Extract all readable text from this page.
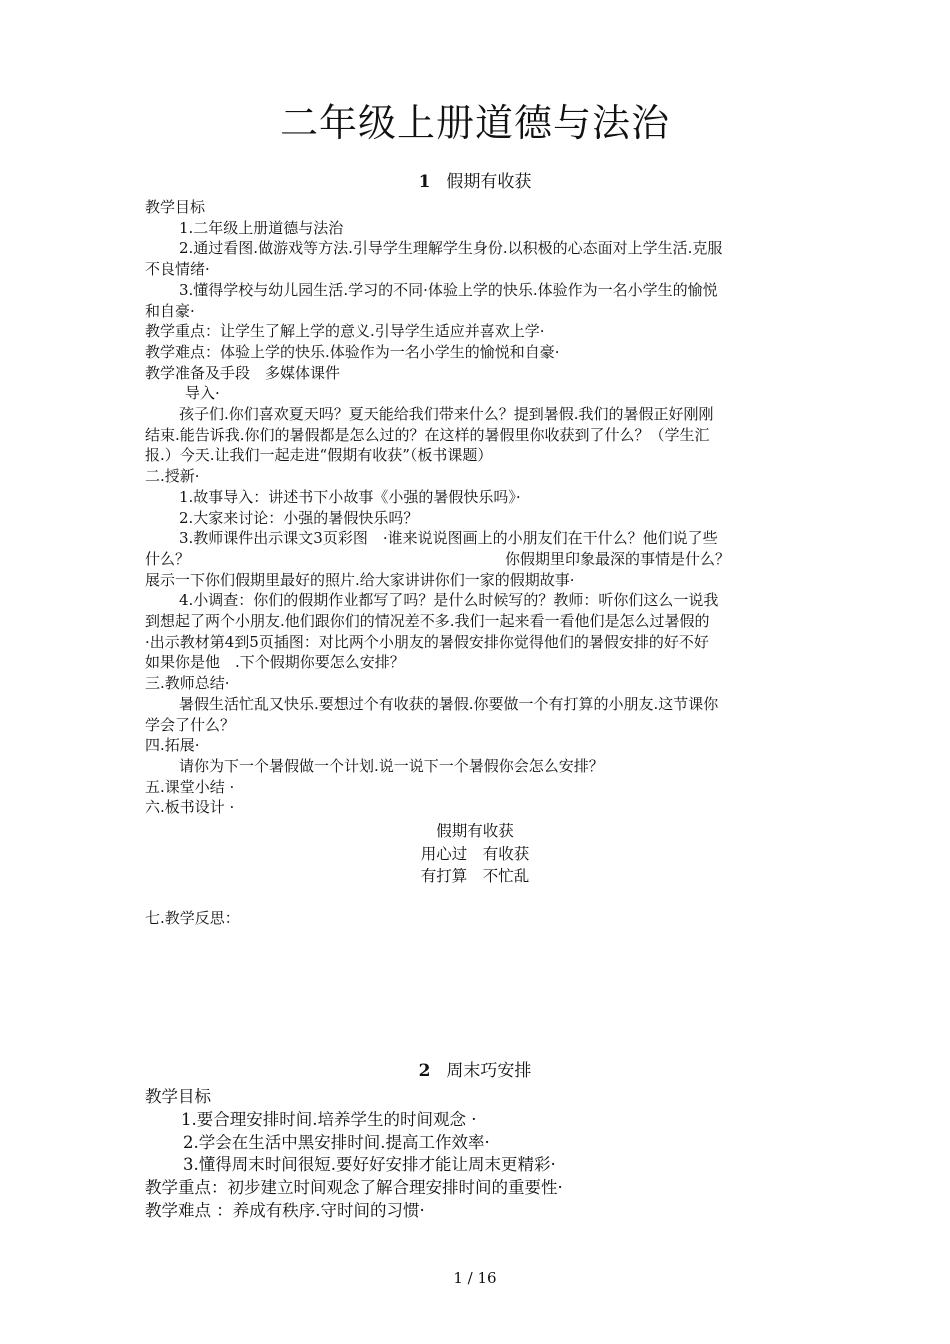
二年级上册道德与法治
1 假期有收获

教学目标

1.二年级上册道德与法治

2.通过看图.做游戏等方法.引导学生理解学生身份.以积极的心态面对上学生活.克服

不良情绪·

3.懂得学校与幼儿园生活.学习的不同·体验上学的快乐.体验作为一名小学生的愉悦

和自豪·

教学重点：让学生了解上学的意义.引导学生适应并喜欢上学·

教学难点：体验上学的快乐.体验作为一名小学生的愉悦和自豪·

教学准备及手段　多媒体课件

导入·

孩子们.你们喜欢夏天吗？夏天能给我们带来什么？提到暑假.我们的暑假正好刚刚

结束.能告诉我.你们的暑假都是怎么过的？在这样的暑假里你收获到了什么？（学生汇

报.）今天.让我们一起走进“假期有收获”（板书课题）

二.授新·

1.故事导入：讲述书下小故事《小强的暑假快乐吗》·

2.大家来讨论：小强的暑假快乐吗？

3.教师课件出示课文3页彩图　·谁来说说图画上的小朋友们在干什么？他们说了些

什么？　　　　　　　　　　　　　　　　　　　　　你假期里印象最深的事情是什么？

展示一下你们假期里最好的照片.给大家讲讲你们一家的假期故事·

4.小调查：你们的假期作业都写了吗？是什么时候写的？教师：听你们这么一说我

到想起了两个小朋友.他们跟你们的情况差不多.我们一起来看一看他们是怎么过暑假的

·出示教材第4到5页插图：对比两个小朋友的暑假安排你觉得他们的暑假安排的好不好

如果你是他　.下个假期你要怎么安排？

三.教师总结·

暑假生活忙乱又快乐.要想过个有收获的暑假.你要做一个有打算的小朋友.这节课你

学会了什么？

四.拓展·

请你为下一个暑假做一个计划.说一说下一个暑假你会怎么安排？

五.课堂小结 ·

六.板书设计 ·

假期有收获

用心过　有收获

有打算　不忙乱

七.教学反思：
2 周末巧安排

教学目标

1.要合理安排时间.培养学生的时间观念 ·

2.学会在生活中黑安排时间.提高工作效率·

3.懂得周末时间很短.要好好安排才能让周末更精彩·

教学重点：初步建立时间观念了解合理安排时间的重要性·

教学难点 ：养成有秩序.守时间的习惯·

1 / 16
